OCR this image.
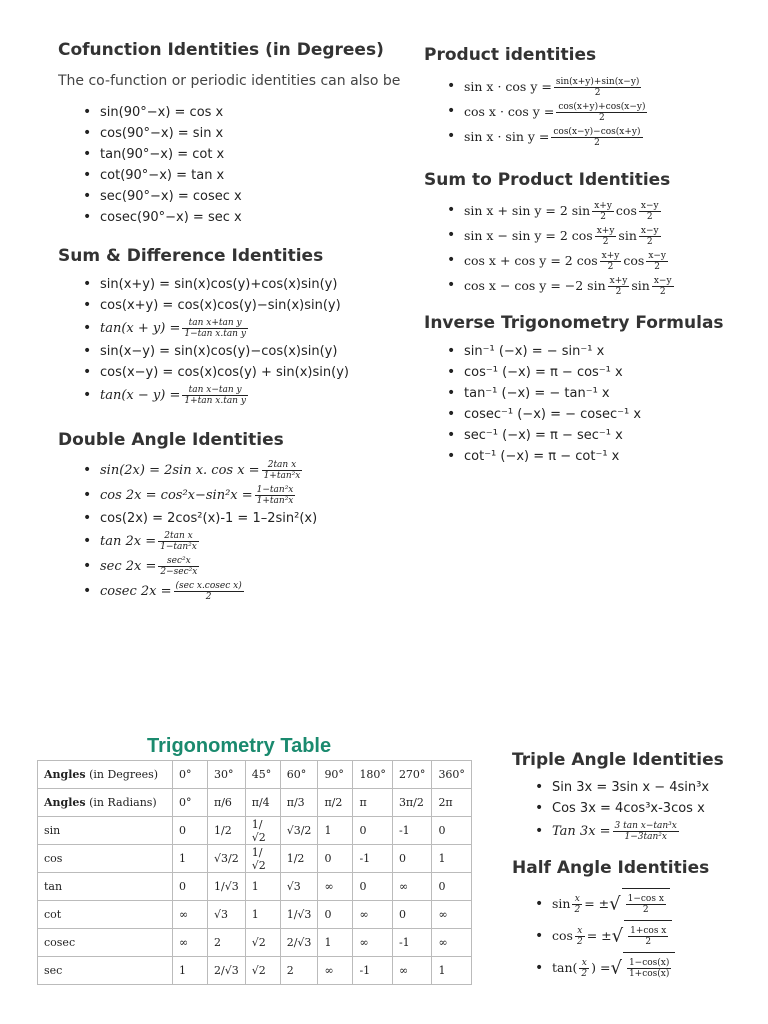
Cofunction Identities (in Degrees)
The co-function or periodic identities can also be
• sin(90°−x) = cos x
• cos(90°−x) = sin x
• tan(90°−x) = cot x
• cot(90°−x) = tan x
• sec(90°−x) = cosec x
• cosec(90°−x) = sec x
Sum & Difference Identities
• sin(x+y) = sin(x)cos(y)+cos(x)sin(y)
• cos(x+y) = cos(x)cos(y)−sin(x)sin(y)
• $\tan(x + y) = \frac{\text{tan x+tan y}}{\text{1−tan x.tan y}}$
• sin(x−y) = sin(x)cos(y)−cos(x)sin(y)
• cos(x−y) = cos(x)cos(y) + sin(x)sin(y)
• $\tan(x - y) = \frac{\text{tan x−tan y}}{\text{1+tan x.tan y}}$
Double Angle Identities
• sin(2x) = 2sin x. $\cos x = \frac{\text{2tan x}}{\text{1+tan²x}}$
• $\cos 2x = \cos^2x-\sin^2x = \frac{\text{1−tan²x}}{\text{1+tan²x}}$
• cos(2x) = 2cos²(x)-1 = 1–2sin²(x)
• $\tan 2x = \frac{\text{2tan x}}{\text{1−tan²x}}$
• $\sec 2x = \frac{\text{sec²x}}{\text{2−sec²x}}$
• cosec $2x = \frac{\text{(sec x.cosec x)}}{2}$
Product identities
• $\sin x \cdot \cos y = \frac{\sin(x+y)+\sin(x-y)}{2}$
• $\cos x \cdot \cos y = \frac{\cos(x+y)+\cos(x-y)}{2}$
• $\sin x \cdot \sin y = \frac{\cos(x-y)-\cos(x+y)}{2}$
Sum to Product Identities
• sin x + sin y = 2 $\sin \frac{x+y}{2}$ $\cos \frac{x-y}{2}$
• sin x − sin y = 2 $\cos \frac{x+y}{2}$ $\sin \frac{x-y}{2}$
• cos x + cos y = 2 $\cos \frac{x+y}{2}$ $\cos \frac{x-y}{2}$
• cos x − cos y = −2 $\sin \frac{x+y}{2}$ $\sin \frac{x-y}{2}$
Inverse Trigonometry Formulas
• sin⁻¹ (−x) = − sin⁻¹ x
• cos⁻¹ (−x) = π − cos⁻¹ x
• tan⁻¹ (−x) = − tan⁻¹ x
• cosec⁻¹ (−x) = − cosec⁻¹ x
• sec⁻¹ (−x) = π − sec⁻¹ x
• cot⁻¹ (−x) = π − cot⁻¹ x
Trigonometry Table
Angles (in Degrees)	0°	30°	45°	60°	90°	180°	270°	360°
Angles (in Radians)	0°	π/6	π/4	π/3	π/2	π	3π/2	2π
sin	0	1/2	1/√2	√3/2	1	0	-1	0
cos	1	√3/2	1/√2	1/2	0	-1	0	1
tan	0	1/√3	1	√3	∞	0	∞	0
cot	∞	√3	1	1/√3	0	∞	0	∞
cosec	∞	2	√2	2/√3	1	∞	-1	∞
sec	1	2/√3	√2	2	∞	-1	∞	1
Triple Angle Identities
• Sin 3x = 3sin x − 4sin³x
• Cos 3x = 4cos³x-3cos x
• Tan $3x = \frac{\text{3 tan x−tan³x}}{\text{1−3tan²x}}$
Half Angle Identities
• $\sin \frac{x}{2}$ = ±√ $\frac{\text{1−cos x}}{2}$
• $\cos \frac{x}{2}$ = ±√ $\frac{\text{1+cos x}}{2}$
• $\tan( \frac{x}{2}$ ) =√ $\frac{1-\cos(x)}{1+\cos(x)}$
